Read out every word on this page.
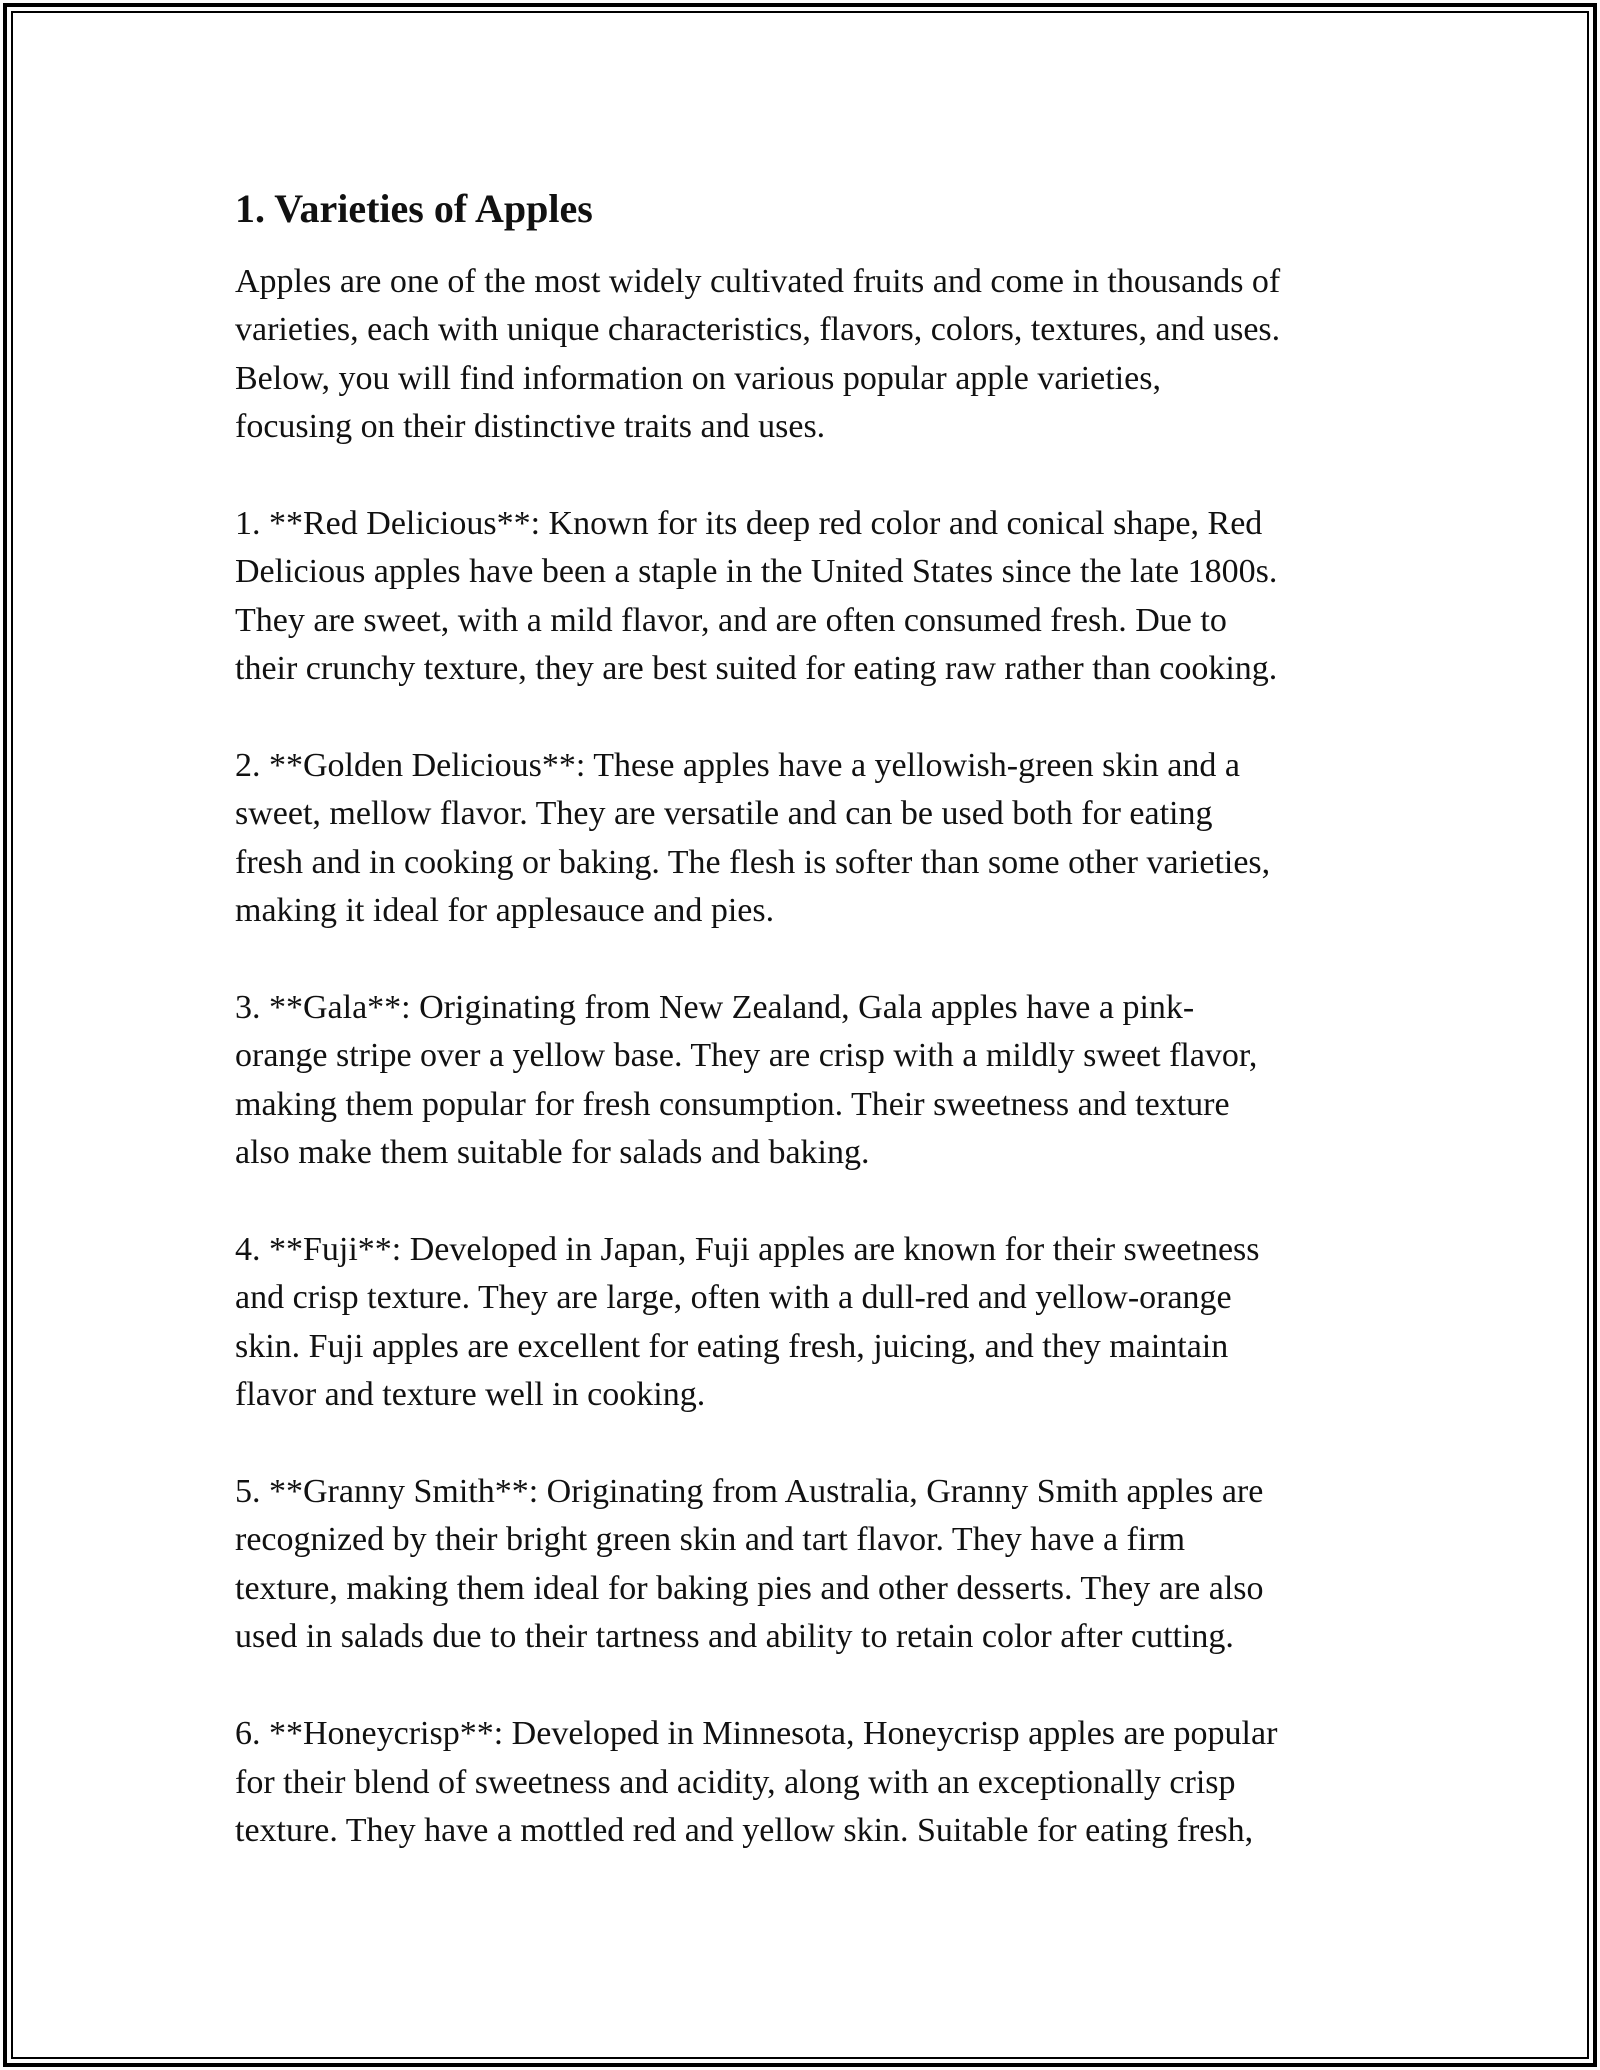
1. Varieties of Apples

Apples are one of the most widely cultivated fruits and come in thousands of
varieties, each with unique characteristics, flavors, colors, textures, and uses.
Below, you will find information on various popular apple varieties,
focusing on their distinctive traits and uses.

1. **Red Delicious**: Known for its deep red color and conical shape, Red
Delicious apples have been a staple in the United States since the late 1800s.
They are sweet, with a mild flavor, and are often consumed fresh. Due to
their crunchy texture, they are best suited for eating raw rather than cooking.

2. **Golden Delicious**: These apples have a yellowish-green skin and a
sweet, mellow flavor. They are versatile and can be used both for eating
fresh and in cooking or baking. The flesh is softer than some other varieties,
making it ideal for applesauce and pies.

3. **Gala**: Originating from New Zealand, Gala apples have a pink-
orange stripe over a yellow base. They are crisp with a mildly sweet flavor,
making them popular for fresh consumption. Their sweetness and texture
also make them suitable for salads and baking.

4. **Fuji**: Developed in Japan, Fuji apples are known for their sweetness
and crisp texture. They are large, often with a dull-red and yellow-orange
skin. Fuji apples are excellent for eating fresh, juicing, and they maintain
flavor and texture well in cooking.

5. **Granny Smith**: Originating from Australia, Granny Smith apples are
recognized by their bright green skin and tart flavor. They have a firm
texture, making them ideal for baking pies and other desserts. They are also
used in salads due to their tartness and ability to retain color after cutting.

6. **Honeycrisp**: Developed in Minnesota, Honeycrisp apples are popular
for their blend of sweetness and acidity, along with an exceptionally crisp
texture. They have a mottled red and yellow skin. Suitable for eating fresh,
